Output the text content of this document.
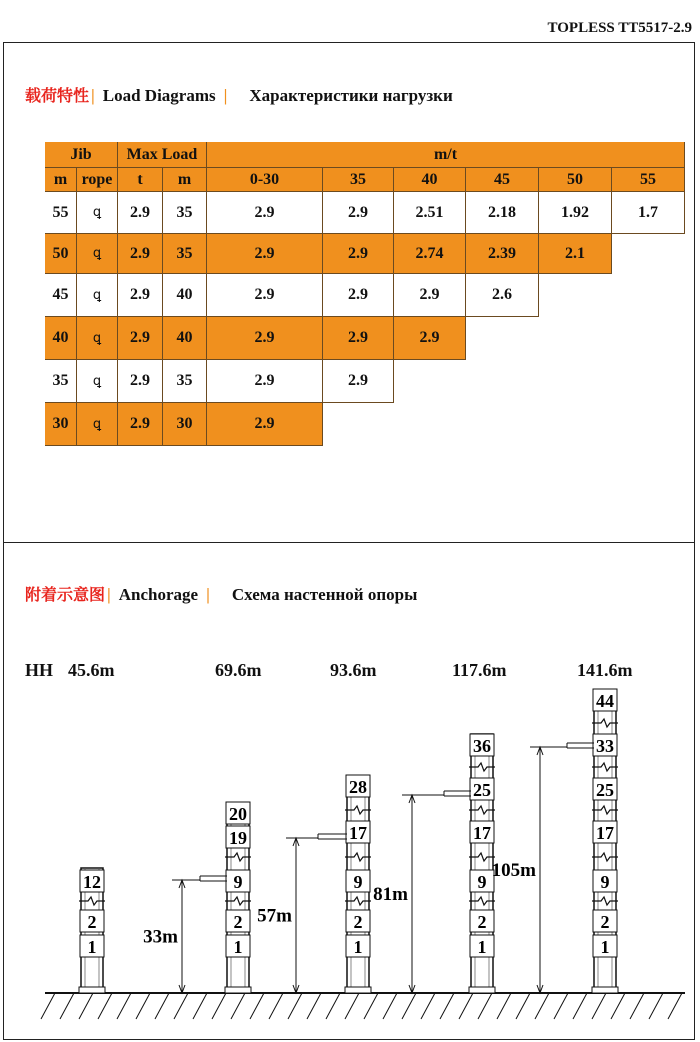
TOPLESS TT5517-2.9
载荷特性 | Load Diagrams | Характеристики нагрузки
附着示意图 | Anchorage | Схема настенной опоры
Jib	Max Load	m/t
m rope	t	m	0-30	35	40	45	50	55
55	ꝗ	2.9	35	2.9	2.9	2.51	2.18	1.92	1.7
50	ꝗ	2.9	35	2.9	2.9	2.74	2.39	2.1
45	ꝗ	2.9	40	2.9	2.9	2.9	2.6
40	ꝗ	2.9	40	2.9	2.9	2.9
35	ꝗ	2.9	35	2.9	2.9
30	ꝗ	2.9	30	2.9
12
2
1
20
19
9
2
1
33m
28
17
9
2
1
57m
36
25
17
9
2
1
81m
44
33
25
17
9
2
1
105m
HH 45.6m	69.6m	93.6m	117.6m	141.6m
